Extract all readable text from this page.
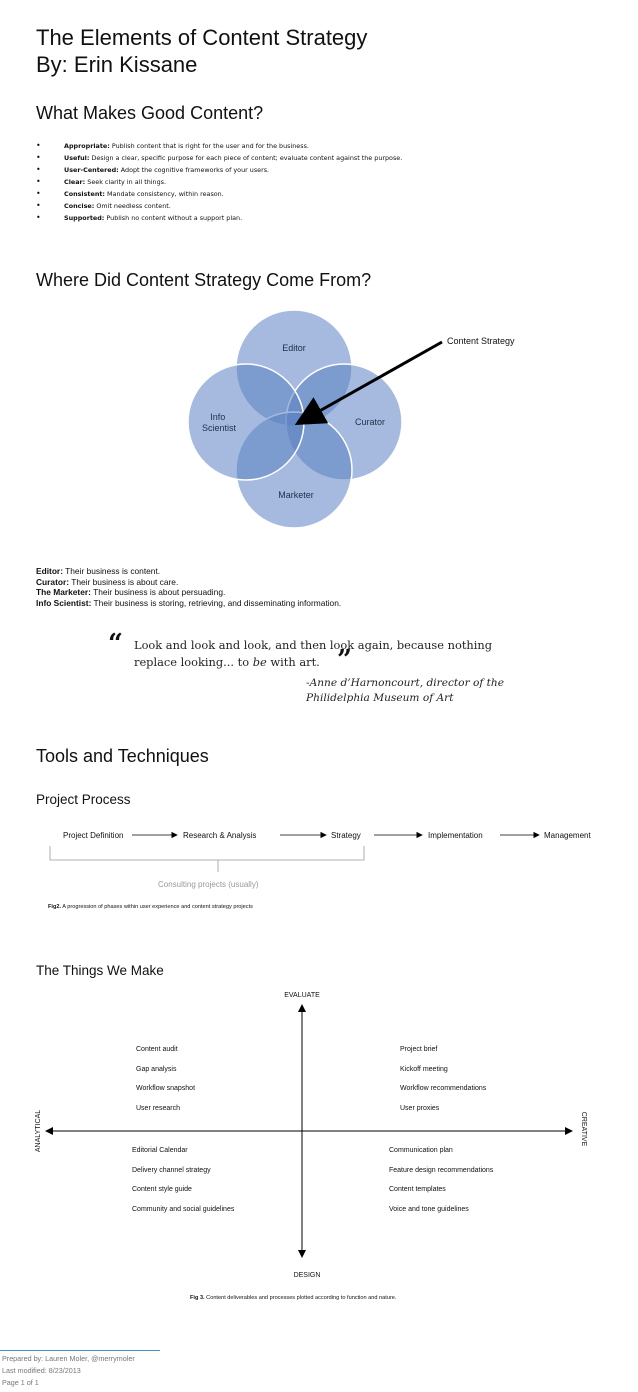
The Elements of Content Strategy
By: Erin Kissane
What Makes Good Content?
•	Appropriate: Publish content that is right for the user and for the business.
•	Useful: Design a clear, specific purpose for each piece of content; evaluate content against the purpose.
•	User-Centered: Adopt the cognitive frameworks of your users.
•	Clear: Seek clarity in all things.
•	Consistent: Mandate consistency, within reason.
•	Concise: Omit needless content.
•	Supported: Publish no content without a support plan.
Where Did Content Strategy Come From?
Editor
Curator
Marketer
Info Scientist
Content Strategy
Editor: Their business is content.
Curator: Their business is about care.
The Marketer: Their business is about persuading.
Info Scientist: Their business is storing, retrieving, and disseminating information.
“ Look and look and look, and then look again, because nothing
replace looking... to be with art. ”
-Anne d’Harnoncourt, director of the
Philidelphia Museum of Art
Tools and Techniques
Project Process
Project Definition	Research & Analysis	Strategy	Implementation	Management
Consulting projects (usually)
Fig2. A progression of phases within user experience and content strategy projects
The Things We Make
EVALUATE
DESIGN
ANALYTICAL	CREATIVE
Content audit
Gap analysis
Workflow snapshot
User research
Project brief
Kickoff meeting
Workflow recommendations
User proxies
Editorial Calendar
Delivery channel strategy
Content style guide
Community and social guidelines
Communication plan
Feature design recommendations
Content templates
Voice and tone guidelines
Fig 3. Content deliverables and processes plotted according to function and nature.
Prepared by: Lauren Moler, @merrymoler
Last modified: 8/23/2013
Page 1 of 1
